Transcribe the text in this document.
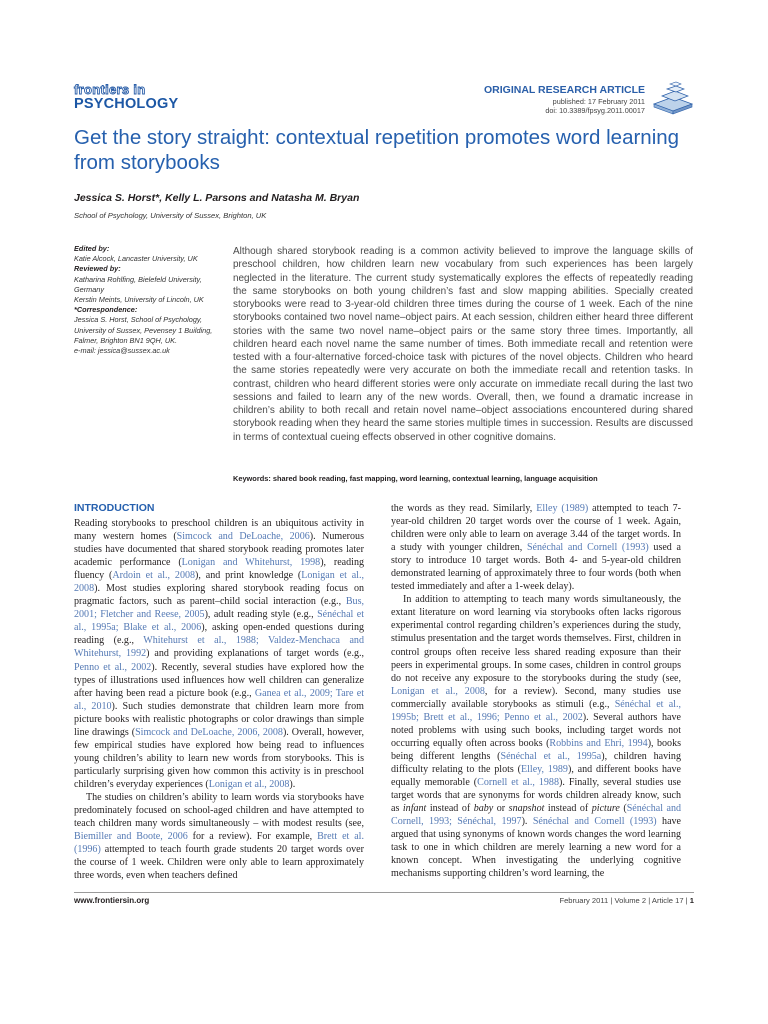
frontiers in
PSYCHOLOGY
ORIGINAL RESEARCH ARTICLE
published: 17 February 2011
doi: 10.3389/fpsyg.2011.00017
Get the story straight: contextual repetition promotes word learning from storybooks
Jessica S. Horst*, Kelly L. Parsons and Natasha M. Bryan
School of Psychology, University of Sussex, Brighton, UK
Edited by:
Katie Alcock, Lancaster University, UK
Reviewed by:
Katharina Rohlfing, Bielefeld University, Germany
Kerstin Meints, University of Lincoln, UK
*Correspondence:
Jessica S. Horst, School of Psychology, University of Sussex, Pevensey 1 Building, Falmer, Brighton BN1 9QH, UK.
e-mail: jessica@sussex.ac.uk

Although shared storybook reading is a common activity believed to improve the language skills of preschool children, how children learn new vocabulary from such experiences has been largely neglected in the literature. The current study systematically explores the effects of repeatedly reading the same storybooks on both young children’s fast and slow mapping abilities. Specially created storybooks were read to 3-year-old children three times during the course of 1 week. Each of the nine storybooks contained two novel name–object pairs. At each session, children either heard three different stories with the same two novel name–object pairs or the same story three times. Importantly, all children heard each novel name the same number of times. Both immediate recall and retention were tested with a four-alternative forced-choice task with pictures of the novel objects. Children who heard the same stories repeatedly were very accurate on both the immediate recall and retention tasks. In contrast, children who heard different stories were only accurate on immediate recall during the last two sessions and failed to learn any of the new words. Overall, then, we found a dramatic increase in children’s ability to both recall and retain novel name–object associations encountered during shared storybook reading when they heard the same stories multiple times in succession. Results are discussed in terms of contextual cueing effects observed in other cognitive domains.

Keywords: shared book reading, fast mapping, word learning, contextual learning, language acquisition
INTRODUCTION

Reading storybooks to preschool children is an ubiquitous activity in many western homes (Simcock and DeLoache, 2006). Numerous studies have documented that shared storybook reading promotes later academic performance (Lonigan and Whitehurst, 1998), reading fluency (Ardoin et al., 2008), and print knowledge (Lonigan et al., 2008). Most studies exploring shared storybook reading focus on pragmatic factors, such as parent–child social interaction (e.g., Bus, 2001; Fletcher and Reese, 2005), adult reading style (e.g., Sénéchal et al., 1995a; Blake et al., 2006), asking open-ended questions during reading (e.g., Whitehurst et al., 1988; Valdez-Menchaca and Whitehurst, 1992) and providing explanations of target words (e.g., Penno et al., 2002). Recently, several studies have explored how the types of illustrations used influences how well children can generalize after having been read a picture book (e.g., Ganea et al., 2009; Tare et al., 2010). Such studies demonstrate that children learn more from picture books with realistic photographs or color drawings than simple line drawings (Simcock and DeLoache, 2006, 2008). Overall, however, few empirical studies have explored how being read to influences young children’s ability to learn new words from storybooks. This is particularly surprising given how common this activity is in preschool children’s everyday experiences (Lonigan et al., 2008).

The studies on children’s ability to learn words via storybooks have predominately focused on school-aged children and have attempted to teach children many words simultaneously – with modest results (see, Biemiller and Boote, 2006 for a review). For example, Brett et al. (1996) attempted to teach fourth grade students 20 target words over the course of 1 week. Children were only able to learn approximately three words, even when teachers defined

the words as they read. Similarly, Elley (1989) attempted to teach 7-year-old children 20 target words over the course of 1 week. Again, children were only able to learn on average 3.44 of the target words. In a study with younger children, Sénéchal and Cornell (1993) used a story to introduce 10 target words. Both 4- and 5-year-old children demonstrated learning of approximately three to four words (both when tested immediately and after a 1-week delay).

In addition to attempting to teach many words simultaneously, the extant literature on word learning via storybooks often lacks rigorous experimental control regarding children’s experiences during the study, stimulus presentation and the target words themselves. First, children in control groups often receive less shared reading exposure than their peers in experimental groups. In some cases, children in control groups do not receive any exposure to the storybooks during the study (see, Lonigan et al., 2008, for a review). Second, many studies use commercially available storybooks as stimuli (e.g., Sénéchal et al., 1995b; Brett et al., 1996; Penno et al., 2002). Several authors have noted problems with using such books, including target words not occurring equally often across books (Robbins and Ehri, 1994), books being different lengths (Sénéchal et al., 1995a), children having difficulty relating to the plots (Elley, 1989), and different books have equally memorable (Cornell et al., 1988). Finally, several studies use target words that are synonyms for words children already know, such as infant instead of baby or snapshot instead of picture (Sénéchal and Cornell, 1993; Sénéchal, 1997). Sénéchal and Cornell (1993) have argued that using synonyms of known words changes the word learning task to one in which children are merely learning a new word for a known concept. When investigating the underlying cognitive mechanisms supporting children’s word learning, the

www.frontiersin.org	February 2011 | Volume 2 | Article 17 | 1
